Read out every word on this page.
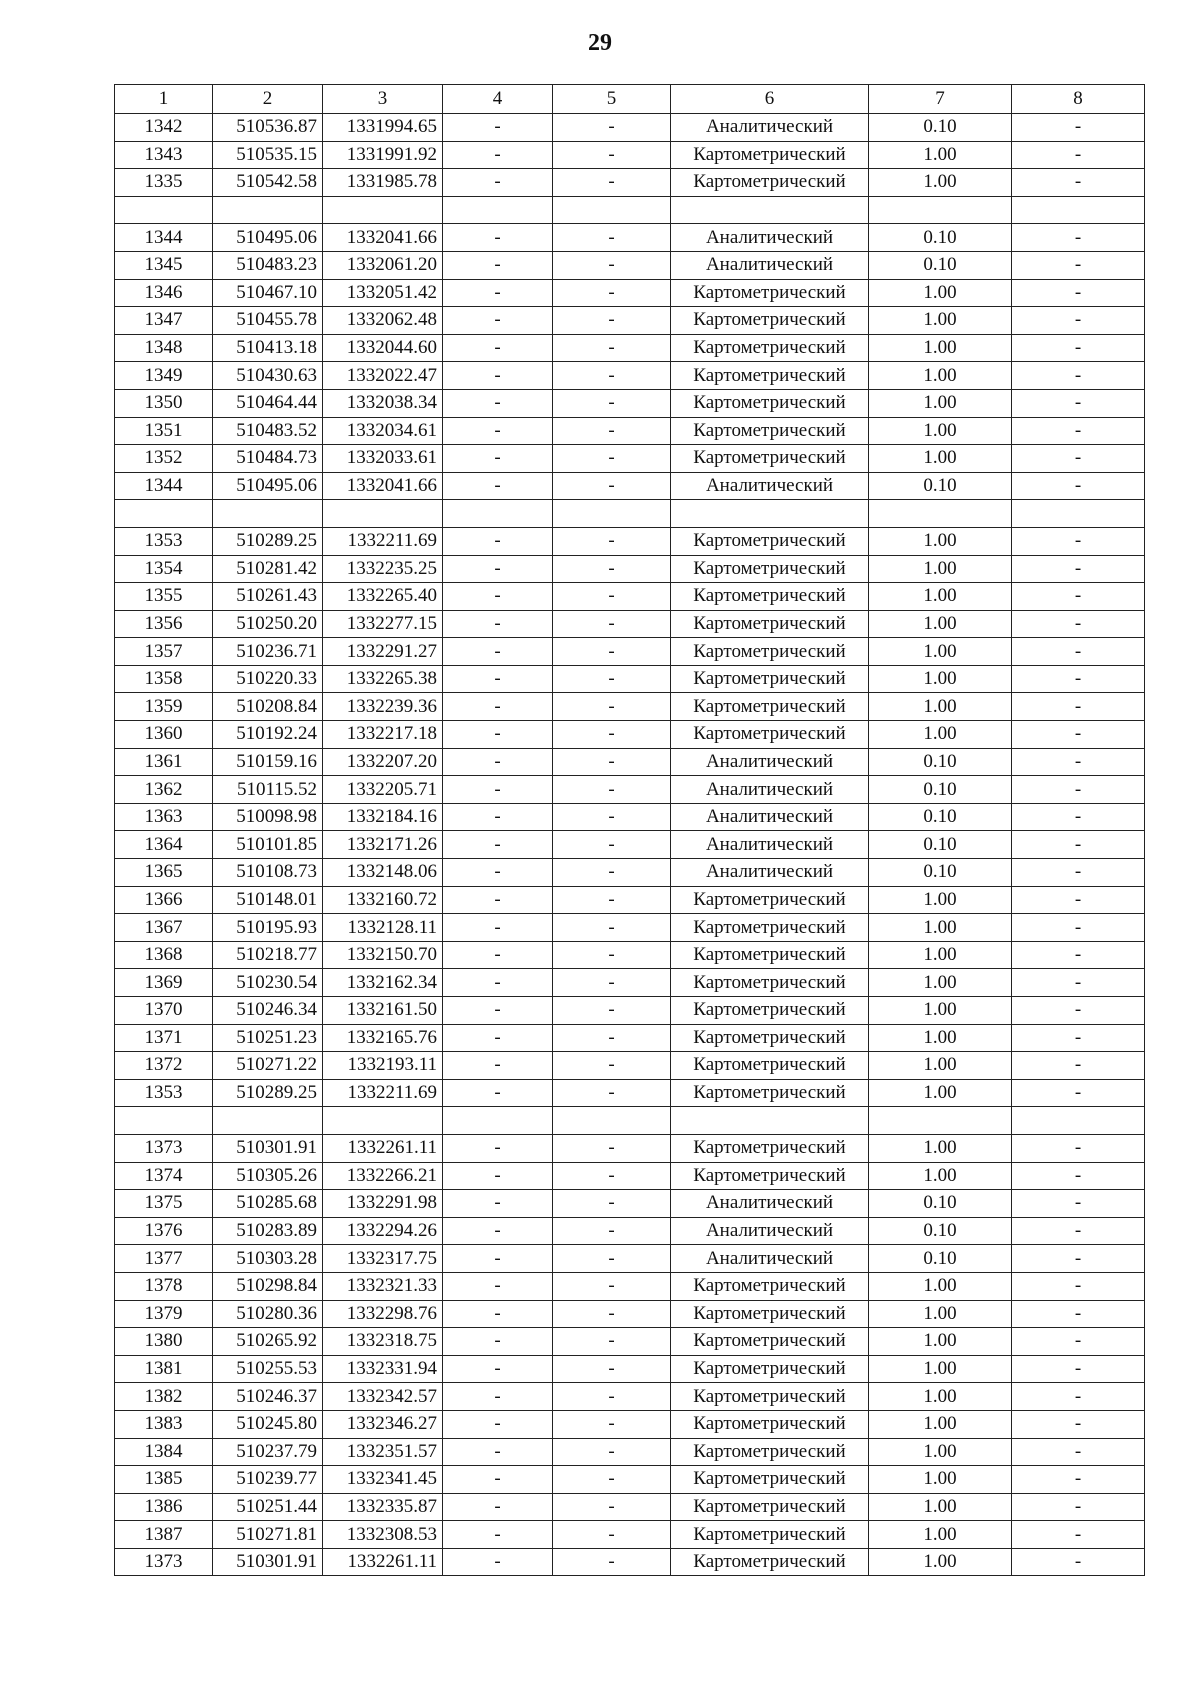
29
1	2	3	4	5	6	7	8
1342	510536.87	1331994.65	-	-	Аналитический	0.10	-
1343	510535.15	1331991.92	-	-	Картометрический	1.00	-
1335	510542.58	1331985.78	-	-	Картометрический	1.00	-

1344	510495.06	1332041.66	-	-	Аналитический	0.10	-
1345	510483.23	1332061.20	-	-	Аналитический	0.10	-
1346	510467.10	1332051.42	-	-	Картометрический	1.00	-
1347	510455.78	1332062.48	-	-	Картометрический	1.00	-
1348	510413.18	1332044.60	-	-	Картометрический	1.00	-
1349	510430.63	1332022.47	-	-	Картометрический	1.00	-
1350	510464.44	1332038.34	-	-	Картометрический	1.00	-
1351	510483.52	1332034.61	-	-	Картометрический	1.00	-
1352	510484.73	1332033.61	-	-	Картометрический	1.00	-
1344	510495.06	1332041.66	-	-	Аналитический	0.10	-

1353	510289.25	1332211.69	-	-	Картометрический	1.00	-
1354	510281.42	1332235.25	-	-	Картометрический	1.00	-
1355	510261.43	1332265.40	-	-	Картометрический	1.00	-
1356	510250.20	1332277.15	-	-	Картометрический	1.00	-
1357	510236.71	1332291.27	-	-	Картометрический	1.00	-
1358	510220.33	1332265.38	-	-	Картометрический	1.00	-
1359	510208.84	1332239.36	-	-	Картометрический	1.00	-
1360	510192.24	1332217.18	-	-	Картометрический	1.00	-
1361	510159.16	1332207.20	-	-	Аналитический	0.10	-
1362	510115.52	1332205.71	-	-	Аналитический	0.10	-
1363	510098.98	1332184.16	-	-	Аналитический	0.10	-
1364	510101.85	1332171.26	-	-	Аналитический	0.10	-
1365	510108.73	1332148.06	-	-	Аналитический	0.10	-
1366	510148.01	1332160.72	-	-	Картометрический	1.00	-
1367	510195.93	1332128.11	-	-	Картометрический	1.00	-
1368	510218.77	1332150.70	-	-	Картометрический	1.00	-
1369	510230.54	1332162.34	-	-	Картометрический	1.00	-
1370	510246.34	1332161.50	-	-	Картометрический	1.00	-
1371	510251.23	1332165.76	-	-	Картометрический	1.00	-
1372	510271.22	1332193.11	-	-	Картометрический	1.00	-
1353	510289.25	1332211.69	-	-	Картометрический	1.00	-

1373	510301.91	1332261.11	-	-	Картометрический	1.00	-
1374	510305.26	1332266.21	-	-	Картометрический	1.00	-
1375	510285.68	1332291.98	-	-	Аналитический	0.10	-
1376	510283.89	1332294.26	-	-	Аналитический	0.10	-
1377	510303.28	1332317.75	-	-	Аналитический	0.10	-
1378	510298.84	1332321.33	-	-	Картометрический	1.00	-
1379	510280.36	1332298.76	-	-	Картометрический	1.00	-
1380	510265.92	1332318.75	-	-	Картометрический	1.00	-
1381	510255.53	1332331.94	-	-	Картометрический	1.00	-
1382	510246.37	1332342.57	-	-	Картометрический	1.00	-
1383	510245.80	1332346.27	-	-	Картометрический	1.00	-
1384	510237.79	1332351.57	-	-	Картометрический	1.00	-
1385	510239.77	1332341.45	-	-	Картометрический	1.00	-
1386	510251.44	1332335.87	-	-	Картометрический	1.00	-
1387	510271.81	1332308.53	-	-	Картометрический	1.00	-
1373	510301.91	1332261.11	-	-	Картометрический	1.00	-
